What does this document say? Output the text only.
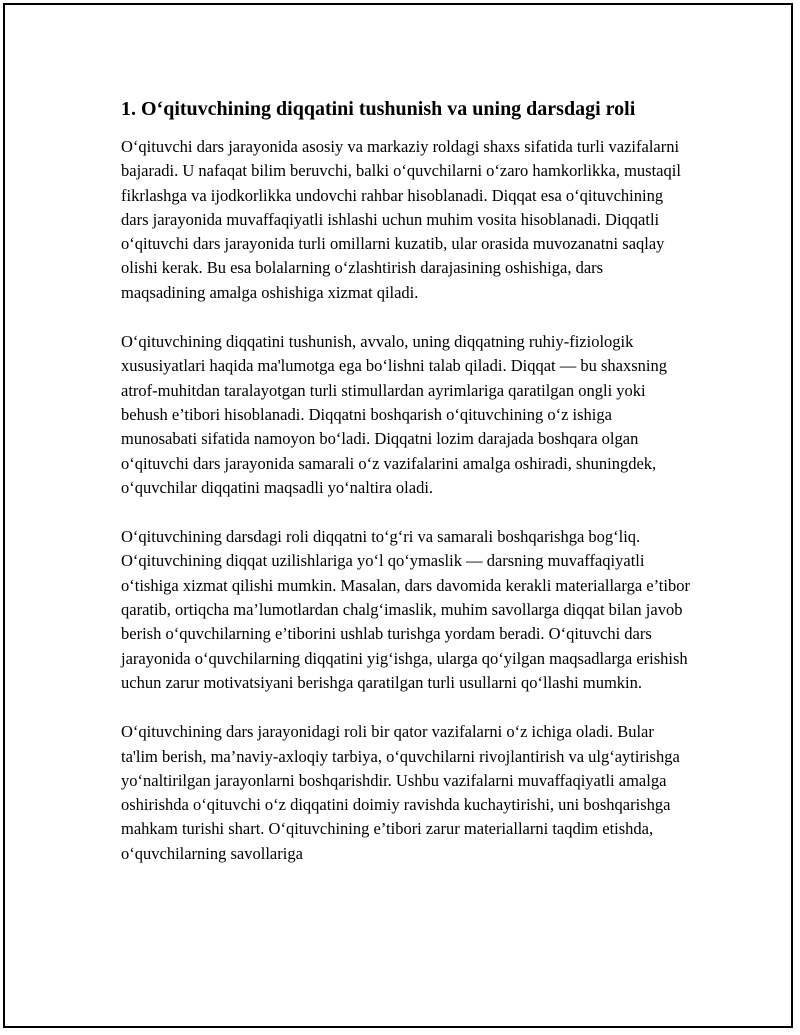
1. O‘qituvchining diqqatini tushunish va uning darsdagi roli

O‘qituvchi dars jarayonida asosiy va markaziy roldagi shaxs sifatida turli vazifalarni bajaradi. U nafaqat bilim beruvchi, balki o‘quvchilarni o‘zaro hamkorlikka, mustaqil fikrlashga va ijodkorlikka undovchi rahbar hisoblanadi. Diqqat esa o‘qituvchining dars jarayonida muvaffaqiyatli ishlashi uchun muhim vosita hisoblanadi. Diqqatli o‘qituvchi dars jarayonida turli omillarni kuzatib, ular orasida muvozanatni saqlay olishi kerak. Bu esa bolalarning o‘zlashtirish darajasining oshishiga, dars maqsadining amalga oshishiga xizmat qiladi.

O‘qituvchining diqqatini tushunish, avvalo, uning diqqatning ruhiy-fiziologik xususiyatlari haqida ma'lumotga ega bo‘lishni talab qiladi. Diqqat — bu shaxsning atrof-muhitdan taralayotgan turli stimullardan ayrimlariga qaratilgan ongli yoki behush e’tibori hisoblanadi. Diqqatni boshqarish o‘qituvchining o‘z ishiga munosabati sifatida namoyon bo‘ladi. Diqqatni lozim darajada boshqara olgan o‘qituvchi dars jarayonida samarali o‘z vazifalarini amalga oshiradi, shuningdek, o‘quvchilar diqqatini maqsadli yo‘naltira oladi.

O‘qituvchining darsdagi roli diqqatni to‘g‘ri va samarali boshqarishga bog‘liq. O‘qituvchining diqqat uzilishlariga yo‘l qo‘ymaslik — darsning muvaffaqiyatli o‘tishiga xizmat qilishi mumkin. Masalan, dars davomida kerakli materiallarga e’tibor qaratib, ortiqcha ma’lumotlardan chalg‘imaslik, muhim savollarga diqqat bilan javob berish o‘quvchilarning e’tiborini ushlab turishga yordam beradi. O‘qituvchi dars jarayonida o‘quvchilarning diqqatini yig‘ishga, ularga qo‘yilgan maqsadlarga erishish uchun zarur motivatsiyani berishga qaratilgan turli usullarni qo‘llashi mumkin.

O‘qituvchining dars jarayonidagi roli bir qator vazifalarni o‘z ichiga oladi. Bular ta'lim berish, ma’naviy-axloqiy tarbiya, o‘quvchilarni rivojlantirish va ulg‘aytirishga yo‘naltirilgan jarayonlarni boshqarishdir. Ushbu vazifalarni muvaffaqiyatli amalga oshirishda o‘qituvchi o‘z diqqatini doimiy ravishda kuchaytirishi, uni boshqarishga mahkam turishi shart. O‘qituvchining e’tibori zarur materiallarni taqdim etishda, o‘quvchilarning savollariga
